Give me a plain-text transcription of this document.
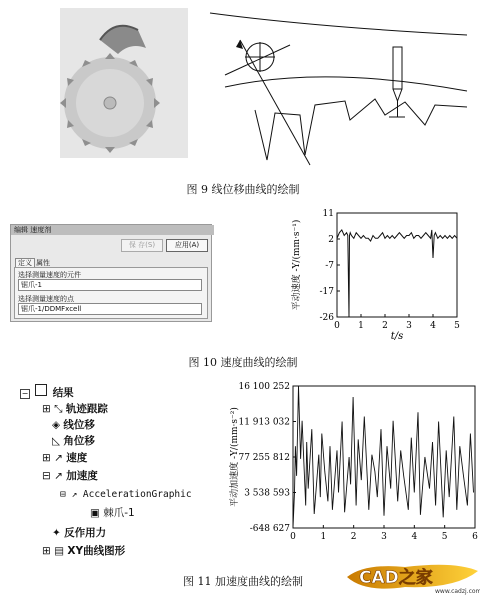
图 9 线位移曲线的绘制
编辑 速度剂
保 存(S)	应用(A)
定义 属性
选择测量速度的元件
锯爪-1
选择测量速度的点
锯爪-1/DDMFxcell
0 1 2 3 4 5
11
2
-7
-17
-26
t/s
平动速度 -Y/(mm·s⁻¹)
图 10 速度曲线的绘制
− 结果
⊞ ⤡ 轨迹跟踪
◈ 线位移
◺ 角位移
⊞ ↗ 速度
⊟ ↗ 加速度
⊟ ↗ AccelerationGraphic
▣ 棘爪-1
✦ 反作用力
⊞ ▤ XY曲线图形
0	1	2	3	4	5	6
16 100 252
11 913 032
77 255 812
3 538 593
-648 627
平动加速度 -Y/(mm·s⁻²)
图 11 加速度曲线的绘制	CAD之家
www.cadzj.com
